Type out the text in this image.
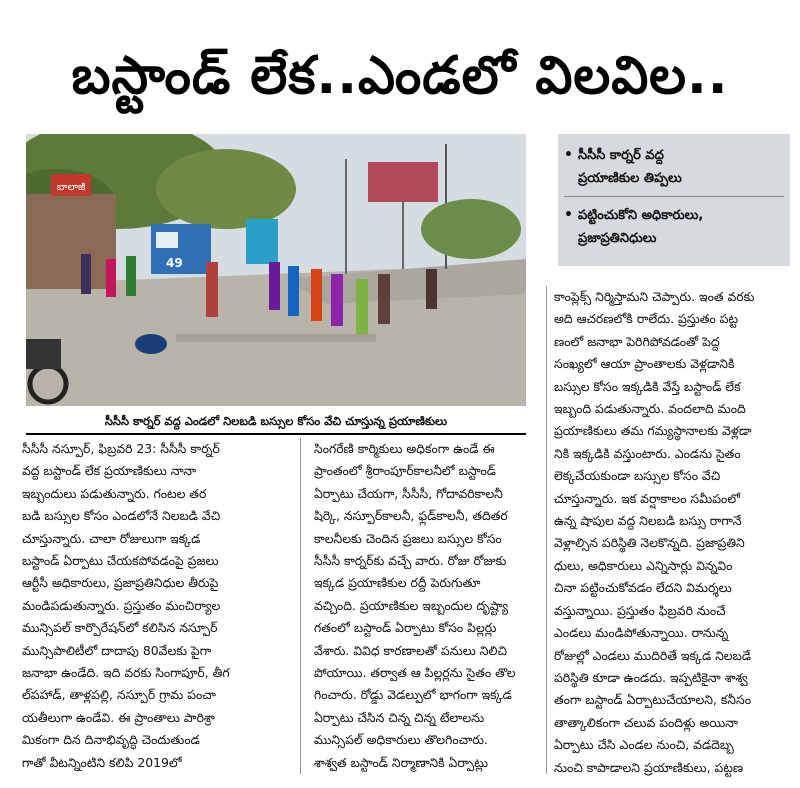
బస్టాండ్ లేక..ఎండలో విలవిల..
బాలాజీ
49
సీసీసీ కార్నర్ వద్ద ఎండలో నిలబడి బస్సుల కోసం వేచి చూస్తున్న ప్రయాణికులు
• సీసీసీ కార్నర్ వద్ద
ప్రయాణికుల తిప్పలు
• పట్టించుకోని అధికారులు,
ప్రజాప్రతినిధులు
సీసీసీ నస్పూర్, ఫిబ్రవరి 23: సీసీసీ కార్నర్
వద్ద బస్టాండ్ లేక ప్రయాణికులు నానా
ఇబ్బందులు పడుతున్నారు. గంటల తర
బడి బస్సుల కోసం ఎండలోనే నిలబడి వేచి
చూస్తున్నారు. చాలా రోజులుగా ఇక్కడ
బస్టాండ్ ఏర్పాటు చేయకపోవడంపై ప్రజలు
ఆర్టీసీ అధికారులు, ప్రజాప్రతినిధుల తీరుపై
మండిపడుతున్నారు. ప్రస్తుతం మంచిర్యాల
మున్సిపల్ కార్పొరేషన్‌లో కలిసిన నస్పూర్
మున్సిపాలిటీలో దాదాపు 80వేలకు పైగా
జనాభా ఉండేది. ఇది వరకు సింగాపూర్, తీగ
ల్‌పహాడ్, తాళ్లపల్లి, నస్పూర్ గ్రామ పంచా
యతీలుగా ఉండేవి. ఈ ప్రాంతాలు పారిశ్రా
మికంగా దిన దినాభివృద్ధి చెందుతుండ
గాతో వీటన్నింటిని కలిపి 2019లో
సింగరేణి కార్మికులు అధికంగా ఉండే ఈ
ప్రాంతంలో శ్రీరాంపూర్‌కాలనీలో బస్టాండ్
ఏర్పాటు చేయగా, సీసీసీ, గోదావరికాలనీ
షిర్కె, నస్పూర్‌కాలనీ, ఫ్లడ్‌కాలనీ, తదితర
కాలనీలకు చెందిన ప్రజలు బస్సుల కోసం
సీసీసీ కార్నర్‌కు వచ్చే వారు. రోజు రోజుకు
ఇక్కడ ప్రయాణికుల రద్దీ పెరుగుతూ
వచ్చింది. ప్రయాణికుల ఇబ్బందుల దృష్ట్యా
గతంలో బస్టాండ్ ఏర్పాటు కోసం పిల్లర్లు
వేశారు. వివిధ కారణాలతో పనులు నిలిచి
పోయాయి. తర్వాత ఆ పిల్లర్లను సైతం తొల
గించారు. రోడ్డు వెడల్పులో భాగంగా ఇక్కడ
ఏర్పాటు చేసిన చిన్న చిన్న టేలాలను
మున్సిపల్ అధికారులు తొలగించారు.
శాశ్వత బస్టాండ్ నిర్మాణానికి ఏర్పాట్లు
కాంప్లెక్స్ నిర్మిస్తామని చెప్పారు. ఇంత వరకు
అది ఆచరణలోకి రాలేదు. ప్రస్తుతం పట్ట
ణంలో జనాభా పెరిగిపోవడంతో పెద్ద
సంఖ్యలో ఆయా ప్రాంతాలకు వెళ్లడానికి
బస్సుల కోసం ఇక్కడికి వేస్తే బస్టాండ్ లేక
ఇబ్బంది పడుతున్నారు. వందలాది మంది
ప్రయాణికులు తమ గమ్యస్థానాలకు వెళ్లడా
నికి ఇక్కడికి వస్తుంటారు. ఎండను సైతం
లెక్కచేయకుండా బస్సుల కోసం వేచి
చూస్తున్నారు. ఇక వర్షాకాలం సమీపంలో
ఉన్న షాపుల వద్ద నిలబడి బస్సు రాగానే
వెళ్లాల్సిన పరిస్థితి నెలకొన్నది. ప్రజాప్రతిని
ధులు, అధికారులు ఎన్నిసార్లు విన్నవిం
చినా పట్టించుకోవడం లేదని విమర్శలు
వస్తున్నాయి. ప్రస్తుతం ఫిబ్రవరి నుంచే
ఎండలు మండిపోతున్నాయి. రానున్న
రోజుల్లో ఎండలు ముదిరితే ఇక్కడ నిలబడే
పరిస్థితి కూడా ఉండదు. ఇప్పటికైనా శాశ్వ
తంగా బస్టాండ్ ఏర్పాటుచేయాలని, కనీసం
తాత్కాలికంగా చలువ పందిళ్లు అయినా
ఏర్పాటు చేసి ఎండల నుంచి, వడదెబ్బ
నుంచి కాపాడాలని ప్రయాణికులు, పట్టణ
